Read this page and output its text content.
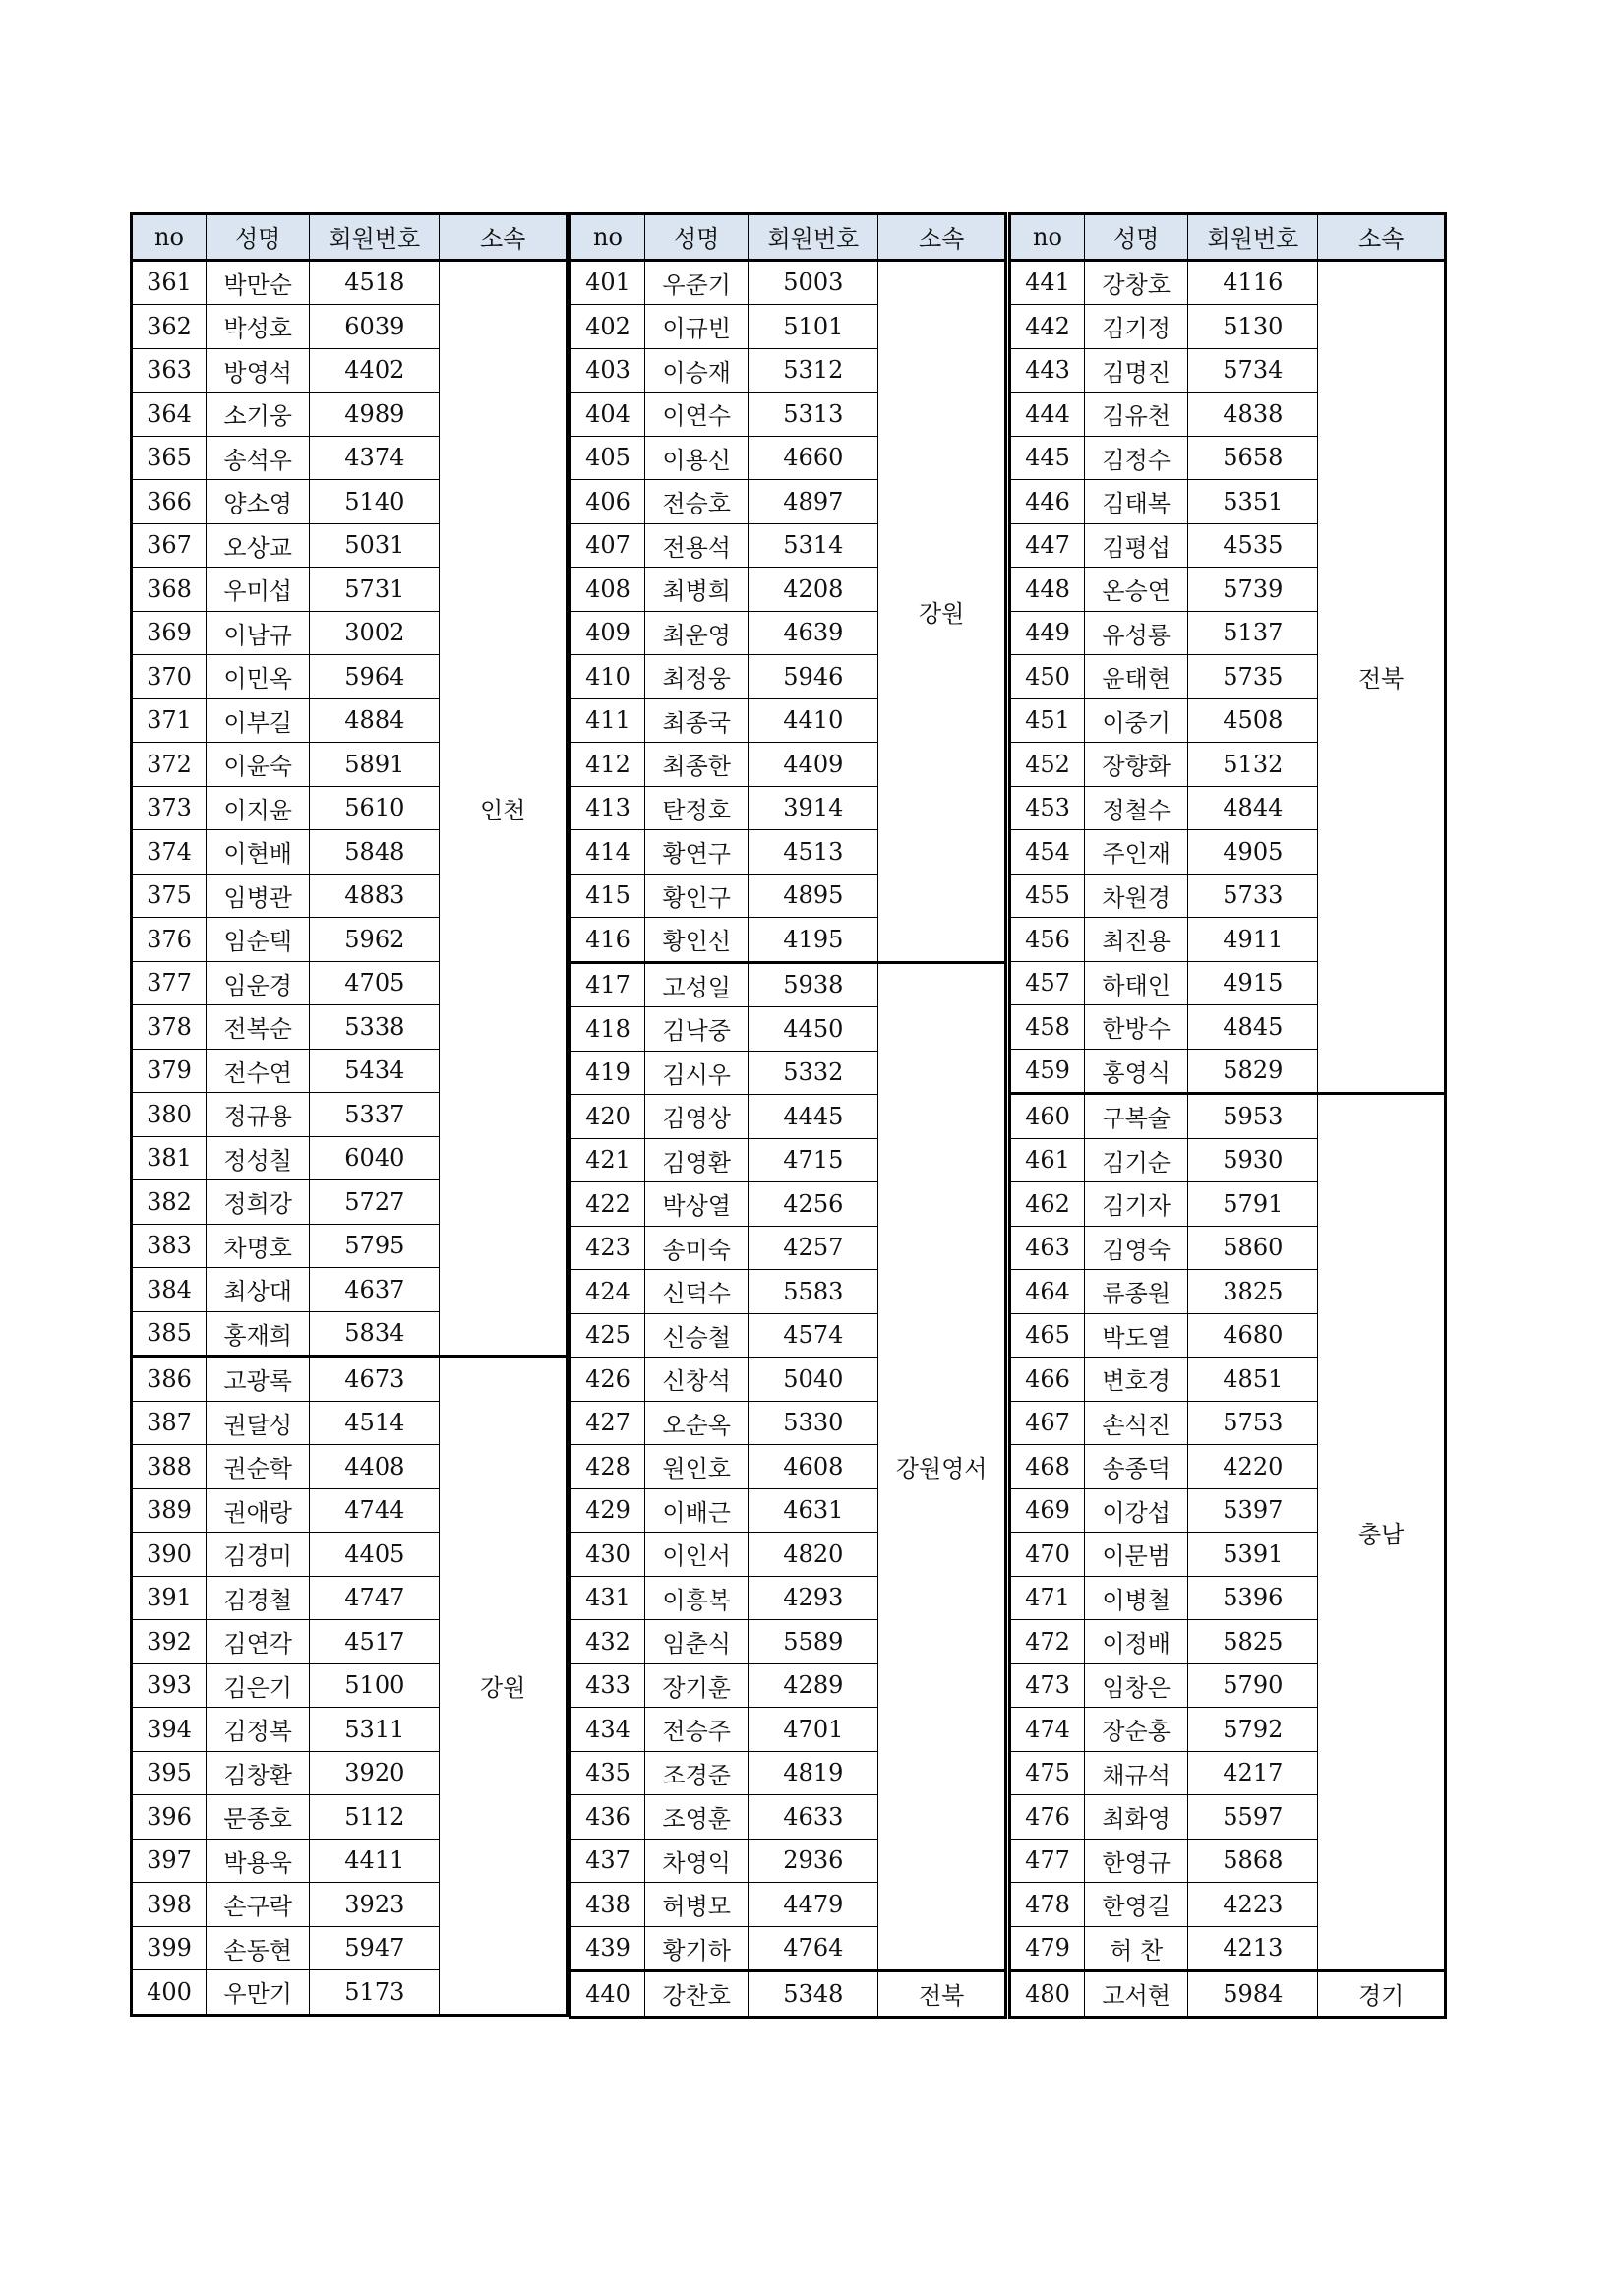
no	성명	회원번호	소속
361	박만순	4518	인천
362	박성호	6039	
363	방영석	4402	
364	소기웅	4989	
365	송석우	4374	
366	양소영	5140	
367	오상교	5031	
368	우미섭	5731	
369	이남규	3002	
370	이민옥	5964	
371	이부길	4884	
372	이윤숙	5891	
373	이지윤	5610	
374	이현배	5848	
375	임병관	4883	
376	임순택	5962	
377	임운경	4705	
378	전복순	5338	
379	전수연	5434	
380	정규용	5337	
381	정성칠	6040	
382	정희강	5727	
383	차명호	5795	
384	최상대	4637	
385	홍재희	5834	
386	고광록	4673	강원
387	권달성	4514	
388	권순학	4408	
389	권애랑	4744	
390	김경미	4405	
391	김경철	4747	
392	김연각	4517	
393	김은기	5100	
394	김정복	5311	
395	김창환	3920	
396	문종호	5112	
397	박용욱	4411	
398	손구락	3923	
399	손동현	5947	
400	우만기	5173	
no	성명	회원번호	소속
401	우준기	5003	강원
402	이규빈	5101	
403	이승재	5312	
404	이연수	5313	
405	이용신	4660	
406	전승호	4897	
407	전용석	5314	
408	최병희	4208	
409	최운영	4639	
410	최정웅	5946	
411	최종국	4410	
412	최종한	4409	
413	탄정호	3914	
414	황연구	4513	
415	황인구	4895	
416	황인선	4195	
417	고성일	5938	강원영서
418	김낙중	4450	
419	김시우	5332	
420	김영상	4445	
421	김영환	4715	
422	박상열	4256	
423	송미숙	4257	
424	신덕수	5583	
425	신승철	4574	
426	신창석	5040	
427	오순옥	5330	
428	원인호	4608	
429	이배근	4631	
430	이인서	4820	
431	이흥복	4293	
432	임춘식	5589	
433	장기훈	4289	
434	전승주	4701	
435	조경준	4819	
436	조영훈	4633	
437	차영익	2936	
438	허병모	4479	
439	황기하	4764	
440	강찬호	5348	전북
no	성명	회원번호	소속
441	강창호	4116	전북
442	김기정	5130	
443	김명진	5734	
444	김유천	4838	
445	김정수	5658	
446	김태복	5351	
447	김평섭	4535	
448	온승연	5739	
449	유성룡	5137	
450	윤태현	5735	
451	이중기	4508	
452	장향화	5132	
453	정철수	4844	
454	주인재	4905	
455	차원경	5733	
456	최진용	4911	
457	하태인	4915	
458	한방수	4845	
459	홍영식	5829	
460	구복술	5953	충남
461	김기순	5930	
462	김기자	5791	
463	김영숙	5860	
464	류종원	3825	
465	박도열	4680	
466	변호경	4851	
467	손석진	5753	
468	송종덕	4220	
469	이강섭	5397	
470	이문범	5391	
471	이병철	5396	
472	이정배	5825	
473	임창은	5790	
474	장순홍	5792	
475	채규석	4217	
476	최화영	5597	
477	한영규	5868	
478	한영길	4223	
479	허 찬	4213	
480	고서현	5984	경기
